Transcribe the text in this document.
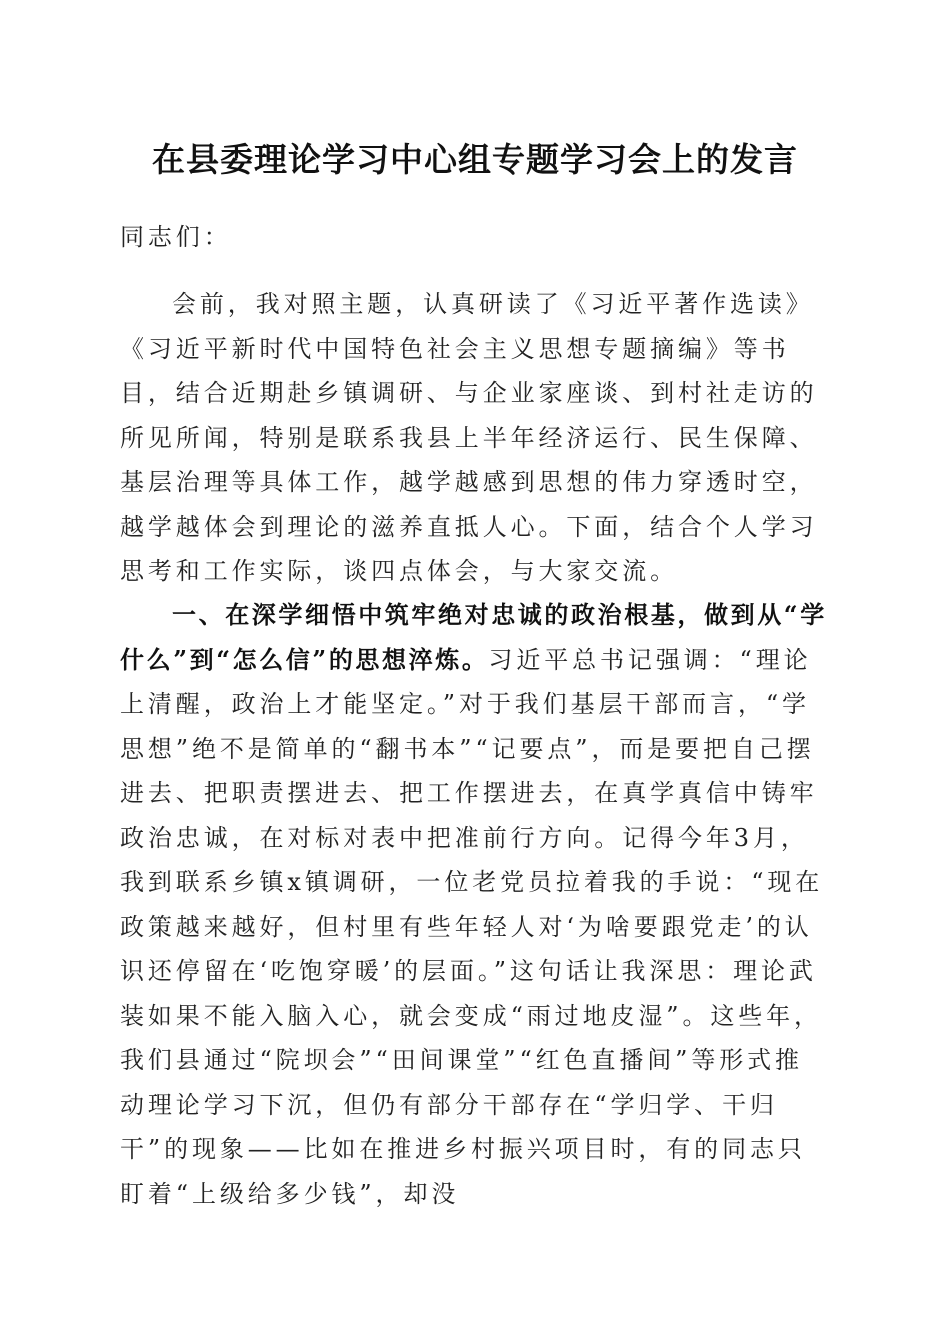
在县委理论学习中心组专题学习会上的发言
同志们：
会前，我对照主题，认真研读了《习近平著作选读》《习近平新时代中国特色社会主义思想专题摘编》等书目，结合近期赴乡镇调研、与企业家座谈、到村社走访的所见所闻，特别是联系我县上半年经济运行、民生保障、基层治理等具体工作，越学越感到思想的伟力穿透时空，越学越体会到理论的滋养直抵人心。下面，结合个人学习思考和工作实际，谈四点体会，与大家交流。
一、在深学细悟中筑牢绝对忠诚的政治根基，做到从“学什么”到“怎么信”的思想淬炼。习近平总书记强调：“理论上清醒，政治上才能坚定。”对于我们基层干部而言，“学思想”绝不是简单的“翻书本”“记要点”，而是要把自己摆进去、把职责摆进去、把工作摆进去，在真学真信中铸牢政治忠诚，在对标对表中把准前行方向。记得今年3月，我到联系乡镇x镇调研，一位老党员拉着我的手说：“现在政策越来越好，但村里有些年轻人对‘为啥要跟党走’的认识还停留在‘吃饱穿暖’的层面。”这句话让我深思：理论武装如果不能入脑入心，就会变成“雨过地皮湿”。这些年，我们县通过“院坝会”“田间课堂”“红色直播间”等形式推动理论学习下沉，但仍有部分干部存在“学归学、干归干”的现象——比如在推进乡村振兴项目时，有的同志只盯着“上级给多少钱”，却没
